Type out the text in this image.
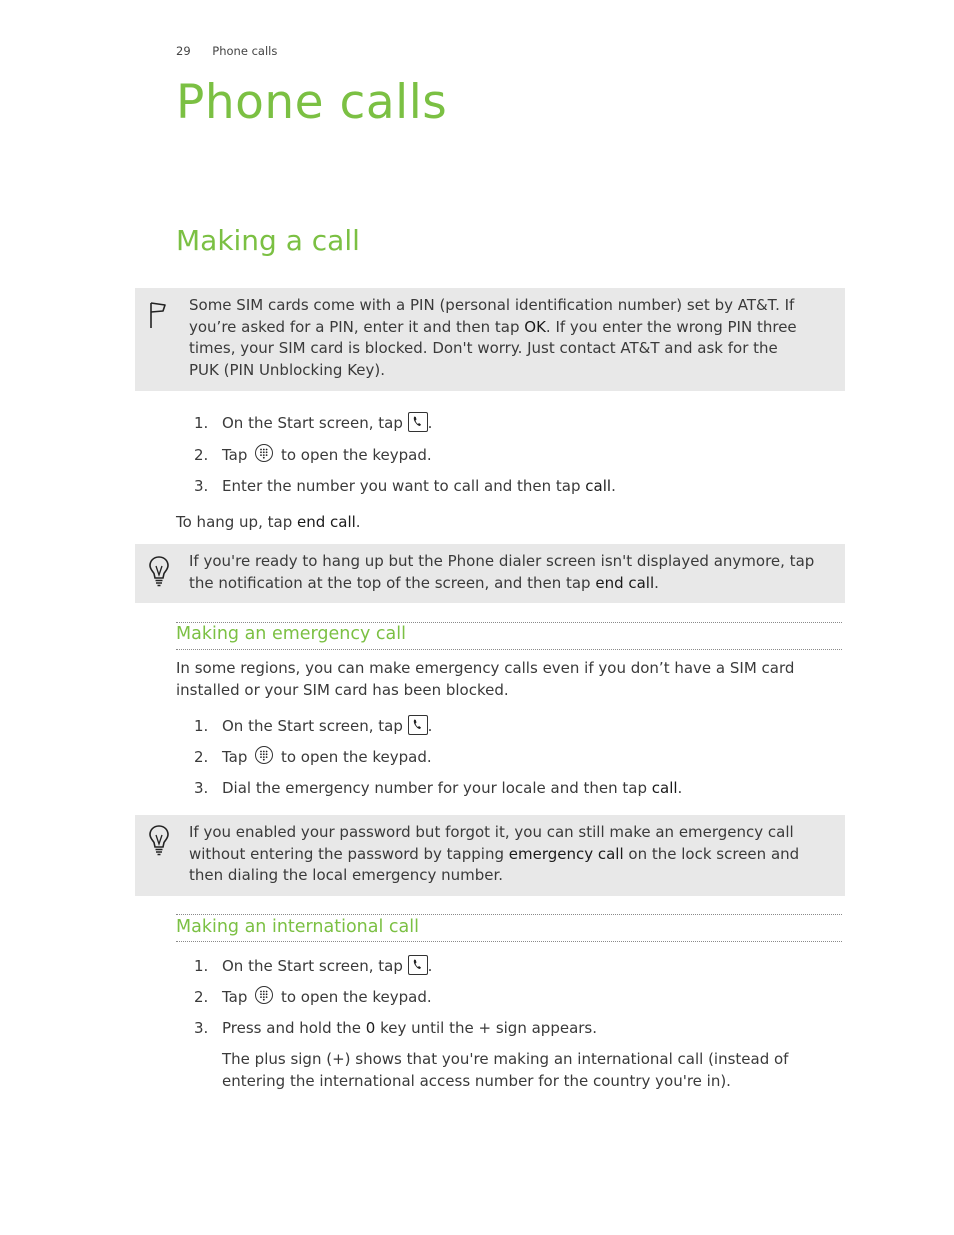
29 Phone calls
Phone calls
Making a call
Some SIM cards come with a PIN (personal identification number) set by AT&T. If
you’re asked for a PIN, enter it and then tap OK. If you enter the wrong PIN three
times, your SIM card is blocked. Don't worry. Just contact AT&T and ask for the
PUK (PIN Unblocking Key).
1. On the Start screen, tap
.
2. Tap
to open the keypad.
3. Enter the number you want to call and then tap call.
To hang up, tap end call.
If you're ready to hang up but the Phone dialer screen isn't displayed anymore, tap
the notification at the top of the screen, and then tap end call.
Making an emergency call
In some regions, you can make emergency calls even if you don’t have a SIM card
installed or your SIM card has been blocked.
1. On the Start screen, tap
.
2. Tap
to open the keypad.
3. Dial the emergency number for your locale and then tap call.
If you enabled your password but forgot it, you can still make an emergency call
without entering the password by tapping emergency call on the lock screen and
then dialing the local emergency number.
Making an international call
1. On the Start screen, tap
.
2. Tap
to open the keypad.
3. Press and hold the 0 key until the + sign appears.
The plus sign (+) shows that you're making an international call (instead of
entering the international access number for the country you're in).
